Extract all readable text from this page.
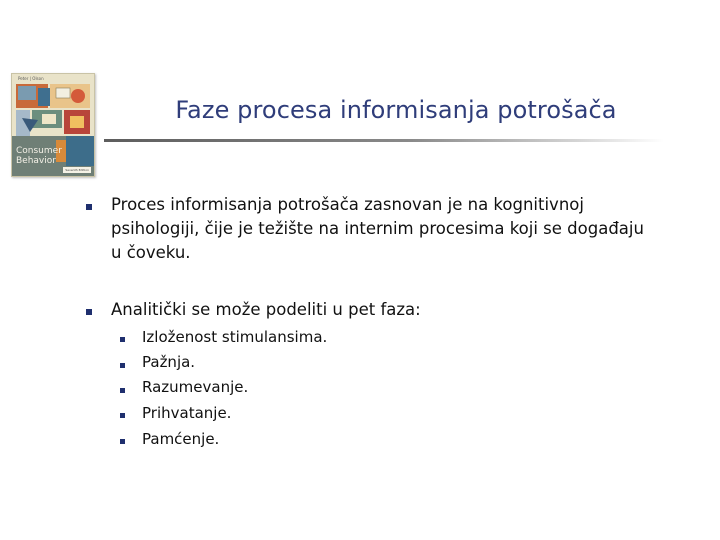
Peter | Olson
Consumer
Behavior
Seventh Edition
Faze procesa informisanja potrošača
Proces informisanja potrošača zasnovan je na kognitivnoj
psihologiji, čije je težište na internim procesima koji se događaju
u čoveku.
Analitički se može podeliti u pet faza:
Izloženost stimulansima.
Pažnja.
Razumevanje.
Prihvatanje.
Pamćenje.
